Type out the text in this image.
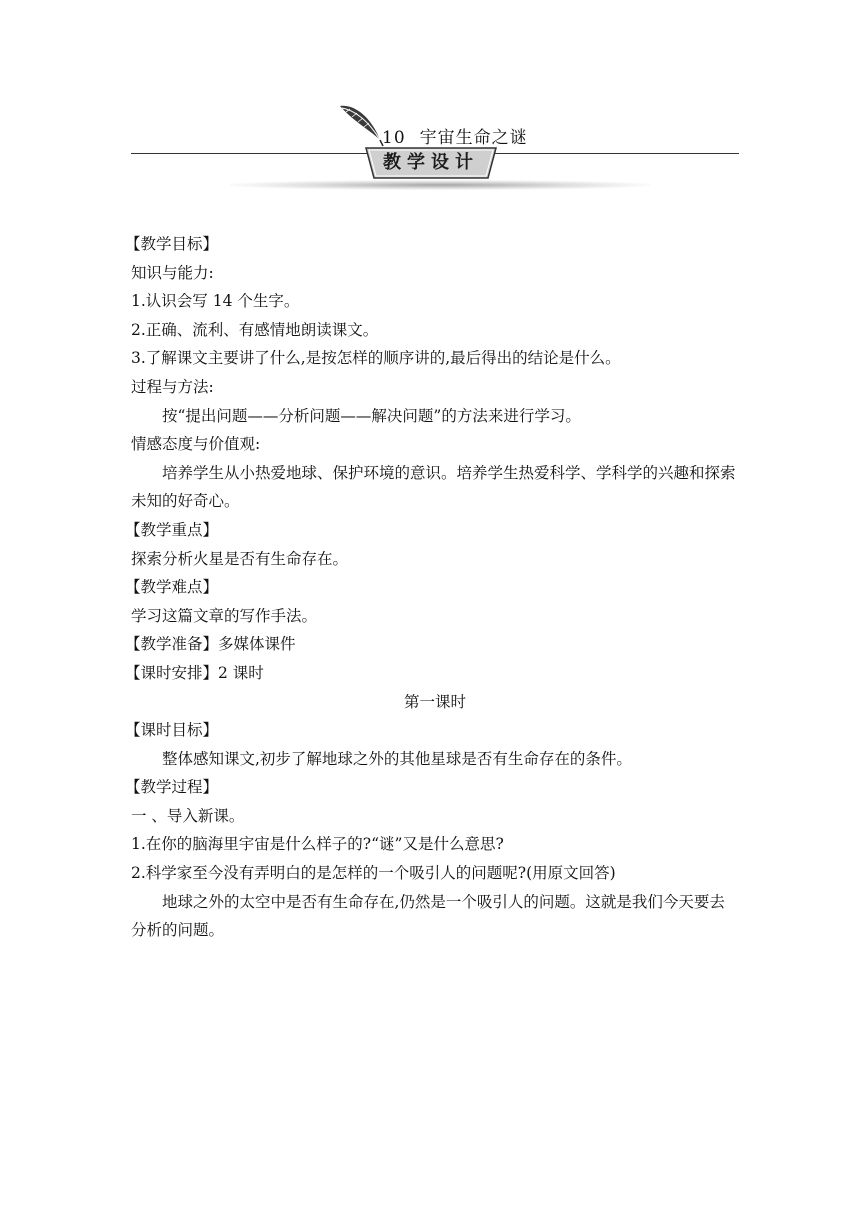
10 宇宙生命之谜
教学设计

【教学目标】

知识与能力:

1.认识会写 14 个生字。

2.正确、流利、有感情地朗读课文。

3.了解课文主要讲了什么,是按怎样的顺序讲的,最后得出的结论是什么。

过程与方法:

按“提出问题——分析问题——解决问题”的方法来进行学习。

情感态度与价值观:

培养学生从小热爱地球、保护环境的意识。培养学生热爱科学、学科学的兴趣和探索未知的好奇心。

【教学重点】

探索分析火星是否有生命存在。

【教学难点】

学习这篇文章的写作手法。

【教学准备】多媒体课件

【课时安排】2 课时

第一课时

【课时目标】

整体感知课文,初步了解地球之外的其他星球是否有生命存在的条件。

【教学过程】

一 、导入新课。

1.在你的脑海里宇宙是什么样子的?“谜”又是什么意思?

2.科学家至今没有弄明白的是怎样的一个吸引人的问题呢?(用原文回答)

地球之外的太空中是否有生命存在,仍然是一个吸引人的问题。这就是我们今天要去分析的问题。
